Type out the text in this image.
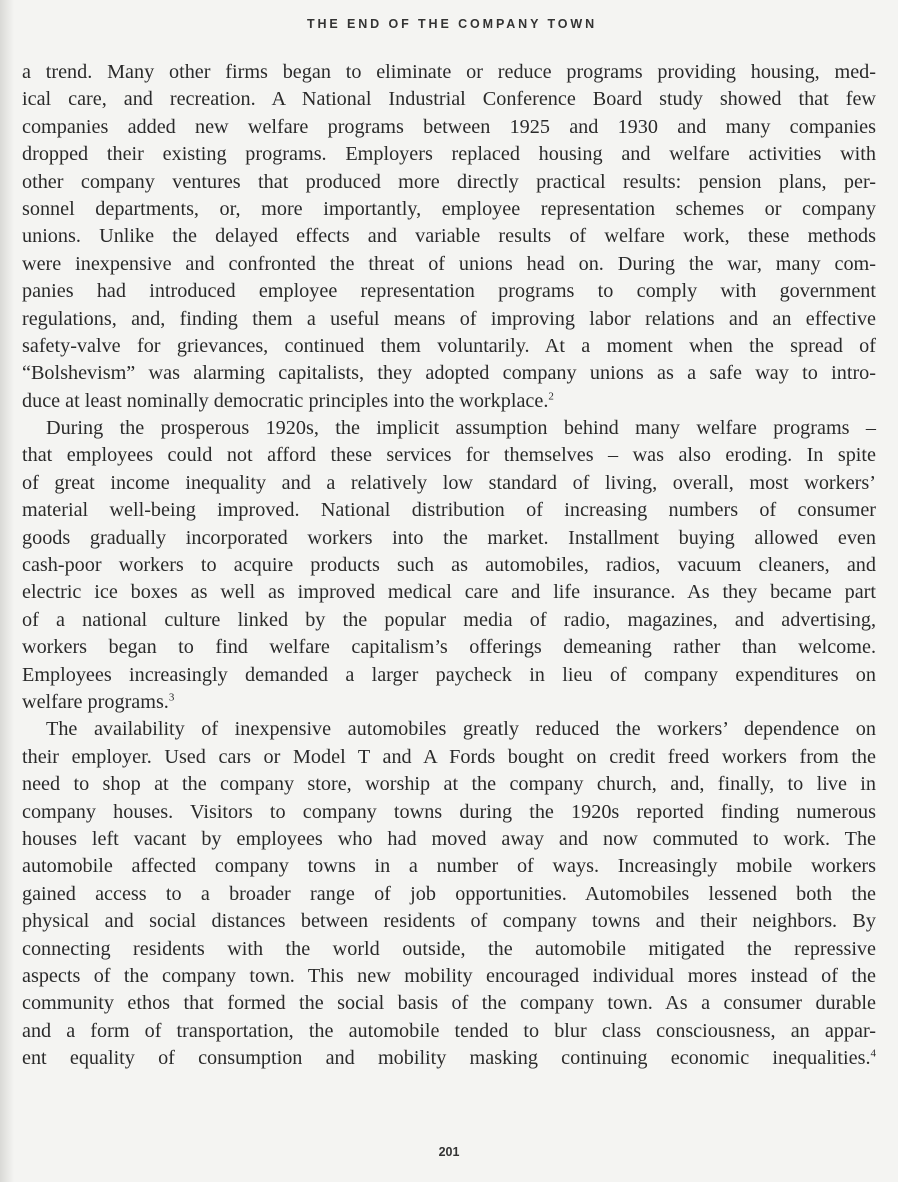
THE END OF THE COMPANY TOWN
a trend. Many other firms began to eliminate or reduce programs providing housing, med-
ical care, and recreation. A National Industrial Conference Board study showed that few
companies added new welfare programs between 1925 and 1930 and many companies
dropped their existing programs. Employers replaced housing and welfare activities with
other company ventures that produced more directly practical results: pension plans, per-
sonnel departments, or, more importantly, employee representation schemes or company
unions. Unlike the delayed effects and variable results of welfare work, these methods
were inexpensive and confronted the threat of unions head on. During the war, many com-
panies had introduced employee representation programs to comply with government
regulations, and, finding them a useful means of improving labor relations and an effective
safety-valve for grievances, continued them voluntarily. At a moment when the spread of
“Bolshevism” was alarming capitalists, they adopted company unions as a safe way to intro-
duce at least nominally democratic principles into the workplace.$^2$
During the prosperous 1920s, the implicit assumption behind many welfare programs –
that employees could not afford these services for themselves – was also eroding. In spite
of great income inequality and a relatively low standard of living, overall, most workers’
material well-being improved. National distribution of increasing numbers of consumer
goods gradually incorporated workers into the market. Installment buying allowed even
cash-poor workers to acquire products such as automobiles, radios, vacuum cleaners, and
electric ice boxes as well as improved medical care and life insurance. As they became part
of a national culture linked by the popular media of radio, magazines, and advertising,
workers began to find welfare capitalism’s offerings demeaning rather than welcome.
Employees increasingly demanded a larger paycheck in lieu of company expenditures on
welfare programs.$^3$
The availability of inexpensive automobiles greatly reduced the workers’ dependence on
their employer. Used cars or Model T and A Fords bought on credit freed workers from the
need to shop at the company store, worship at the company church, and, finally, to live in
company houses. Visitors to company towns during the 1920s reported finding numerous
houses left vacant by employees who had moved away and now commuted to work. The
automobile affected company towns in a number of ways. Increasingly mobile workers
gained access to a broader range of job opportunities. Automobiles lessened both the
physical and social distances between residents of company towns and their neighbors. By
connecting residents with the world outside, the automobile mitigated the repressive
aspects of the company town. This new mobility encouraged individual mores instead of the
community ethos that formed the social basis of the company town. As a consumer durable
and a form of transportation, the automobile tended to blur class consciousness, an appar-
ent equality of consumption and mobility masking continuing economic inequalities.$^4$
201
